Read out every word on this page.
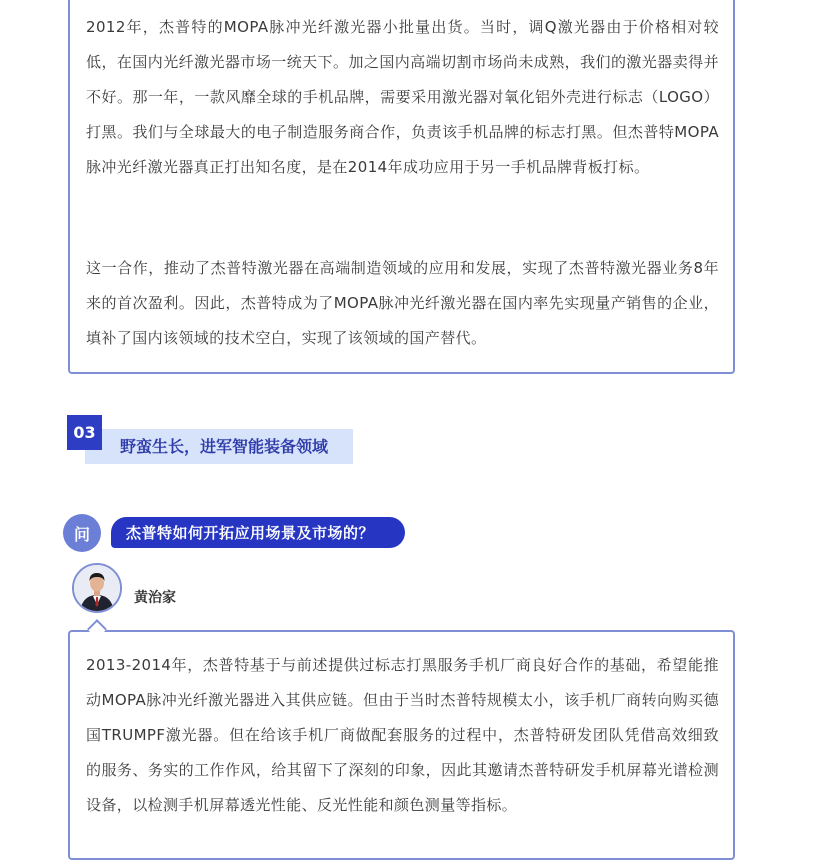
2012年，杰普特的MOPA脉冲光纤激光器小批量出货。当时，调Q激光器由于价格相对较低，在国内光纤激光器市场一统天下。加之国内高端切割市场尚未成熟，我们的激光器卖得并不好。那一年，一款风靡全球的手机品牌，需要采用激光器对氧化铝外壳进行标志（LOGO）打黑。我们与全球最大的电子制造服务商合作，负责该手机品牌的标志打黑。但杰普特MOPA脉冲光纤激光器真正打出知名度，是在2014年成功应用于另一手机品牌背板打标。

这一合作，推动了杰普特激光器在高端制造领域的应用和发展，实现了杰普特激光器业务8年来的首次盈利。因此，杰普特成为了MOPA脉冲光纤激光器在国内率先实现量产销售的企业，填补了国内该领域的技术空白，实现了该领域的国产替代。

03
野蛮生长，进军智能装备领域
问	杰普特如何开拓应用场景及市场的？
黄治家

2013-2014年，杰普特基于与前述提供过标志打黑服务手机厂商良好合作的基础，希望能推动MOPA脉冲光纤激光器进入其供应链。但由于当时杰普特规模太小，该手机厂商转向购买德国TRUMPF激光器。但在给该手机厂商做配套服务的过程中，杰普特研发团队凭借高效细致的服务、务实的工作作风，给其留下了深刻的印象，因此其邀请杰普特研发手机屏幕光谱检测设备，以检测手机屏幕透光性能、反光性能和颜色测量等指标。
